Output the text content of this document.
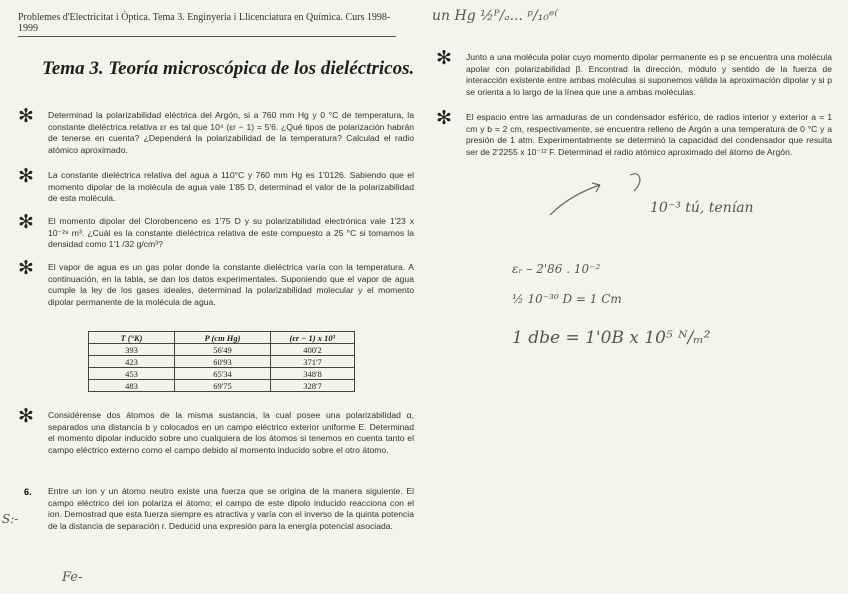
Problemes d'Electricitat i Òptica. Tema 3. Enginyeria i Llicenciatura en Química. Curs 1998-1999
un Hg ½ᴾ/ₐ... ᵖ/₁₀ᵉ⁽
Tema 3. Teoría microscópica de los dieléctricos.
✻ Determinad la polarizabilidad eléctrica del Argón, si a 760 mm Hg y 0 °C de temperatura, la constante dieléctrica relativa εr es tal que 10⁴ (εr − 1) = 5'6. ¿Qué tipos de polarización habrán de tenerse en cuenta? ¿Dependerá la polarizabilidad de la temperatura? Calculad el radio atómico aproximado.
✻ La constante dieléctrica relativa del agua a 110°C y 760 mm Hg es 1'0126. Sabiendo que el momento dipolar de la molécula de agua vale 1'85 D, determinad el valor de la polarizabilidad de esta molécula.
✻ El momento dipolar del Clorobenceno es 1'75 D y su polarizabilidad electrónica vale 1'23 x 10⁻²⁹ m³. ¿Cuál es la constante dieléctrica relativa de este compuesto a 25 °C si tomamos la densidad como 1'1 /32 g/cm³?
✻ El vapor de agua es un gas polar donde la constante dieléctrica varía con la temperatura. A continuación, en la tabla, se dan los datos experimentales. Suponiendo que el vapor de agua cumple la ley de los gases ideales, determinad la polarizabilidad molecular y el momento dipolar permanente de la molécula de agua.
✻ Considérense dos átomos de la misma sustancia, la cual posee una polarizabilidad α, separados una distancia b y colocados en un campo eléctrico exterior uniforme E. Determinad el momento dipolar inducido sobre uno cualquiera de los átomos si tenemos en cuenta tanto el campo eléctrico externo como el campo debido al momento inducido sobre el otro átomo.
6. Entre un ion y un átomo neutro existe una fuerza que se origina de la manera siguiente. El campo eléctrico del ion polariza el átomo; el campo de este dipolo inducido reacciona con el ion. Demostrad que esta fuerza siempre es atractiva y varía con el inverso de la quinta potencia de la distancia de separación r. Deducid una expresión para la energía potencial asociada.
T (°K)	P (cm Hg)	(εr − 1) x 10⁵
393	56'49	400'2
423	60'93	371'7
453	65'34	348'8
483	69'75	328'7
✻ Junto a una molécula polar cuyo momento dipolar permanente es p se encuentra una molécula apolar con polarizabilidad β. Encontrad la dirección, módulo y sentido de la fuerza de interacción existente entre ambas moléculas si suponemos válida la aproximación dipolar y si p se orienta a lo largo de la línea que une a ambas moléculas.
✻ El espacio entre las armaduras de un condensador esférico, de radios interior y exterior a = 1 cm y b = 2 cm, respectivamente, se encuentra relleno de Argón a una temperatura de 0 °C y a presión de 1 atm. Experimentalmente se determinó la capacidad del condensador que resulta ser de 2'2255 x 10⁻¹² F. Determinad el radio atómico aproximado del átomo de Argón.
10⁻³ tú, tenían
εᵣ – 2'86 . 10⁻²
½ 10⁻³⁰ D = 1 Cm
1 dbe = 1'0B x 10⁵ ᴺ/ₘ²
S:-
Fe-
